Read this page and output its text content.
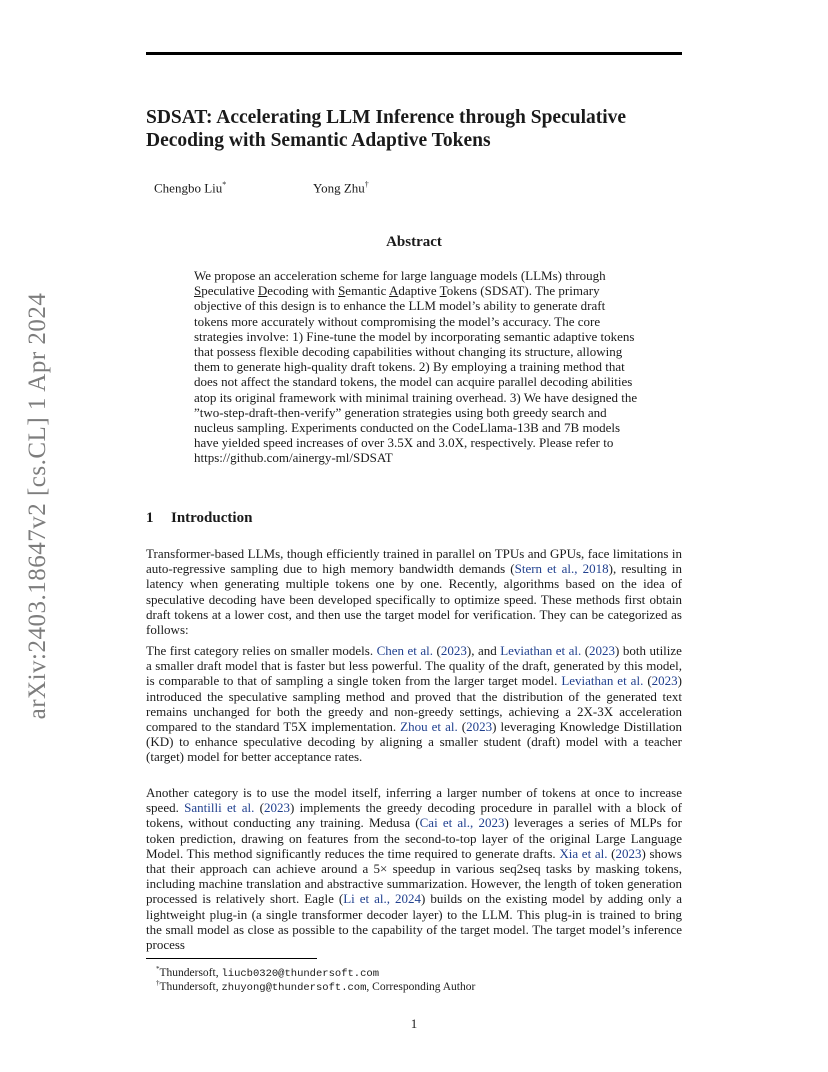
arXiv:2403.18647v2 [cs.CL] 1 Apr 2024
SDSAT: Accelerating LLM Inference through Speculative Decoding with Semantic Adaptive Tokens
Chengbo Liu*	Yong Zhu†
Abstract

We propose an acceleration scheme for large language models (LLMs) through Speculative Decoding with Semantic Adaptive Tokens (SDSAT). The primary objective of this design is to enhance the LLM model’s ability to generate draft tokens more accurately without compromising the model’s accuracy. The core strategies involve: 1) Fine-tune the model by incorporating semantic adaptive tokens that possess flexible decoding capabilities without changing its structure, allowing them to generate high-quality draft tokens. 2) By employing a training method that does not affect the standard tokens, the model can acquire parallel decoding abilities atop its original framework with minimal training overhead. 3) We have designed the ”two-step-draft-then-verify” generation strategies using both greedy search and nucleus sampling. Experiments conducted on the CodeLlama-13B and 7B models have yielded speed increases of over 3.5X and 3.0X, respectively. Please refer to https://github.com/ainergy-ml/SDSAT

1 Introduction

Transformer-based LLMs, though efficiently trained in parallel on TPUs and GPUs, face limitations in auto-regressive sampling due to high memory bandwidth demands (Stern et al., 2018), resulting in latency when generating multiple tokens one by one. Recently, algorithms based on the idea of speculative decoding have been developed specifically to optimize speed. These methods first obtain draft tokens at a lower cost, and then use the target model for verification. They can be categorized as follows:

The first category relies on smaller models. Chen et al. (2023), and Leviathan et al. (2023) both utilize a smaller draft model that is faster but less powerful. The quality of the draft, generated by this model, is comparable to that of sampling a single token from the larger target model. Leviathan et al. (2023) introduced the speculative sampling method and proved that the distribution of the generated text remains unchanged for both the greedy and non-greedy settings, achieving a 2X-3X acceleration compared to the standard T5X implementation. Zhou et al. (2023) leveraging Knowledge Distillation (KD) to enhance speculative decoding by aligning a smaller student (draft) model with a teacher (target) model for better acceptance rates.

Another category is to use the model itself, inferring a larger number of tokens at once to increase speed. Santilli et al. (2023) implements the greedy decoding procedure in parallel with a block of tokens, without conducting any training. Medusa (Cai et al., 2023) leverages a series of MLPs for token prediction, drawing on features from the second-to-top layer of the original Large Language Model. This method significantly reduces the time required to generate drafts. Xia et al. (2023) shows that their approach can achieve around a 5× speedup in various seq2seq tasks by masking tokens, including machine translation and abstractive summarization. However, the length of token generation processed is relatively short. Eagle (Li et al., 2024) builds on the existing model by adding only a lightweight plug-in (a single transformer decoder layer) to the LLM. This plug-in is trained to bring the small model as close as possible to the capability of the target model. The target model’s inference process

*Thundersoft, liucb0320@thundersoft.com

†Thundersoft, zhuyong@thundersoft.com, Corresponding Author

1
